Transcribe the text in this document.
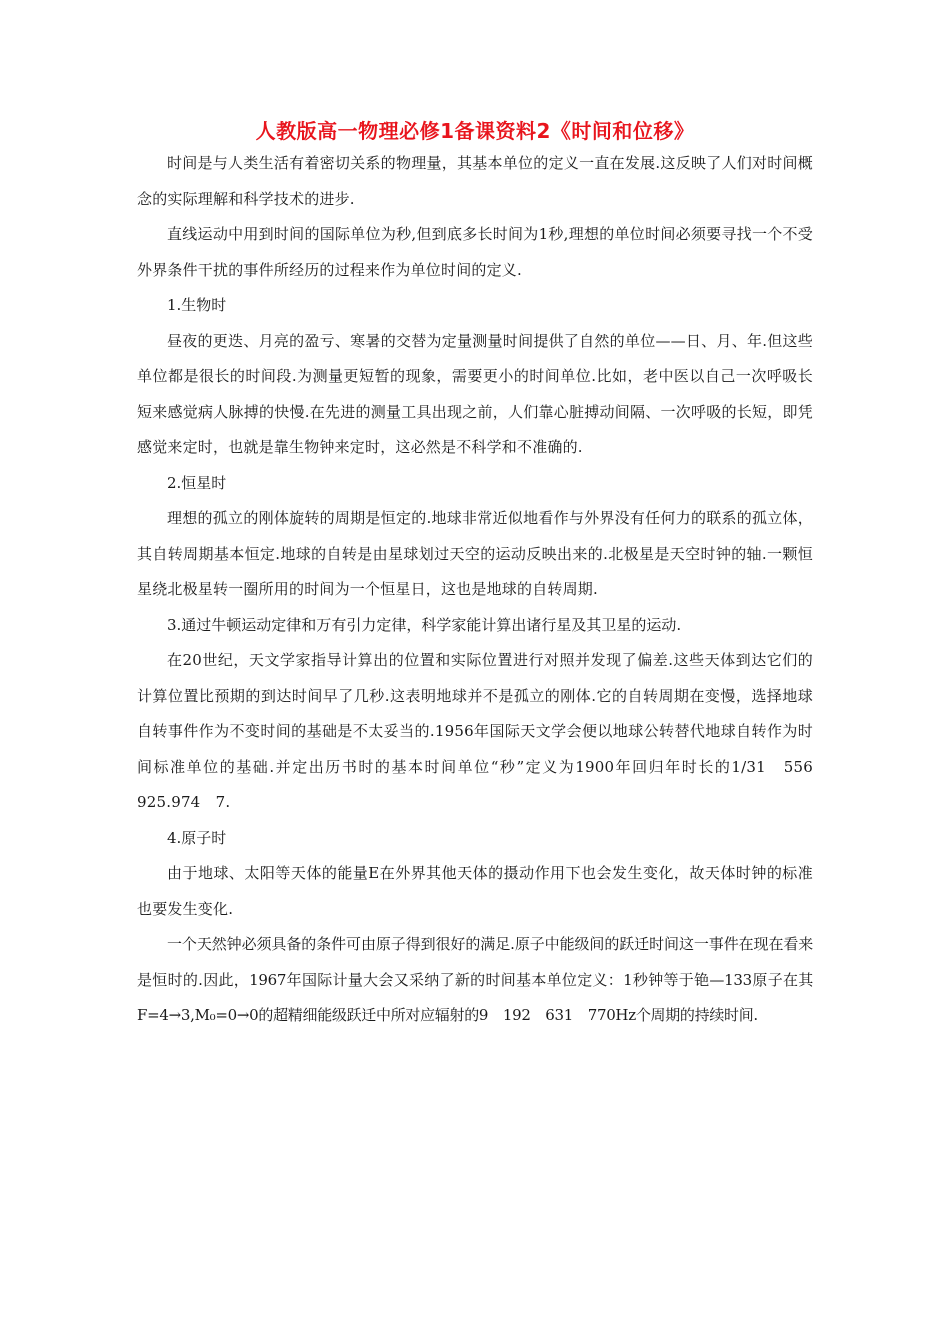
人教版高一物理必修1备课资料2《时间和位移》

时间是与人类生活有着密切关系的物理量，其基本单位的定义一直在发展.这反映了人们对时间概念的实际理解和科学技术的进步.

直线运动中用到时间的国际单位为秒,但到底多长时间为1秒,理想的单位时间必须要寻找一个不受外界条件干扰的事件所经历的过程来作为单位时间的定义.

1.生物时

昼夜的更迭、月亮的盈亏、寒暑的交替为定量测量时间提供了自然的单位——日、月、年.但这些单位都是很长的时间段.为测量更短暂的现象，需要更小的时间单位.比如，老中医以自己一次呼吸长短来感觉病人脉搏的快慢.在先进的测量工具出现之前，人们靠心脏搏动间隔、一次呼吸的长短，即凭感觉来定时，也就是靠生物钟来定时，这必然是不科学和不准确的.

2.恒星时

理想的孤立的刚体旋转的周期是恒定的.地球非常近似地看作与外界没有任何力的联系的孤立体，其自转周期基本恒定.地球的自转是由星球划过天空的运动反映出来的.北极星是天空时钟的轴.一颗恒星绕北极星转一圈所用的时间为一个恒星日，这也是地球的自转周期.

3.通过牛顿运动定律和万有引力定律，科学家能计算出诸行星及其卫星的运动.

在20世纪，天文学家指导计算出的位置和实际位置进行对照并发现了偏差.这些天体到达它们的计算位置比预期的到达时间早了几秒.这表明地球并不是孤立的刚体.它的自转周期在变慢，选择地球自转事件作为不变时间的基础是不太妥当的.1956年国际天文学会便以地球公转替代地球自转作为时间标准单位的基础.并定出历书时的基本时间单位“秒”定义为1900年回归年时长的1/31　556　925.974　7.

4.原子时

由于地球、太阳等天体的能量E在外界其他天体的摄动作用下也会发生变化，故天体时钟的标准也要发生变化.

一个天然钟必须具备的条件可由原子得到很好的满足.原子中能级间的跃迁时间这一事件在现在看来是恒时的.因此，1967年国际计量大会又采纳了新的时间基本单位定义：1秒钟等于铯—133原子在其F=4→3,M₀=0→0的超精细能级跃迁中所对应辐射的9　192　631　770Hz个周期的持续时间.
